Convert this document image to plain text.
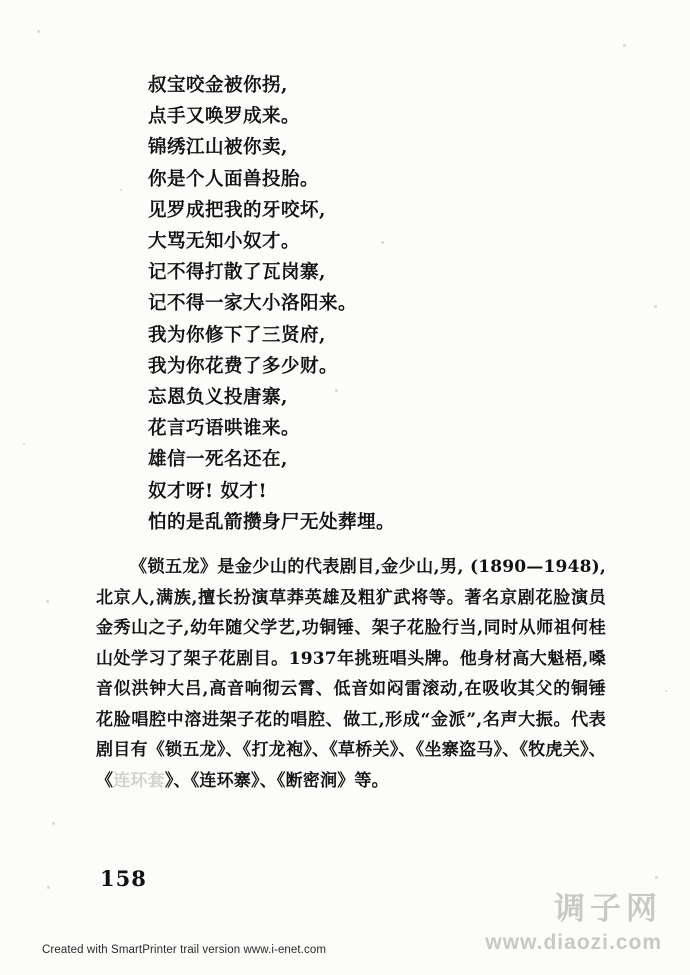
叔宝咬金被你拐,
点手又唤罗成来。
锦绣江山被你卖,
你是个人面兽投胎。
见罗成把我的牙咬坏,
大骂无知小奴才。
记不得打散了瓦岗寨,
记不得一家大小洛阳来。
我为你修下了三贤府,
我为你花费了多少财。
忘恩负义投唐寨,
花言巧语哄谁来。
雄信一死名还在,
奴才呀! 奴才!
怕的是乱箭攒身尸无处葬埋。

《锁五龙》是金少山的代表剧目,金少山,男, (1890—1948),北京人,满族,擅长扮演草莽英雄及粗犷武将等。著名京剧花脸演员金秀山之子,幼年随父学艺,功铜锤、架子花脸行当,同时从师祖何桂山处学习了架子花剧目。1937年挑班唱头牌。他身材高大魁梧,嗓音似洪钟大吕,高音响彻云霄、低音如闷雷滚动,在吸收其父的铜锤花脸唱腔中溶进架子花的唱腔、做工,形成“金派”,名声大振。代表剧目有《锁五龙》、《打龙袍》、《草桥关》、《坐寨盗马》、《牧虎关》、《连环套》、《连环寨》、《断密涧》等。

158
Created with SmartPrinter trail version www.i-enet.com
调子网
www.diaozi.com
